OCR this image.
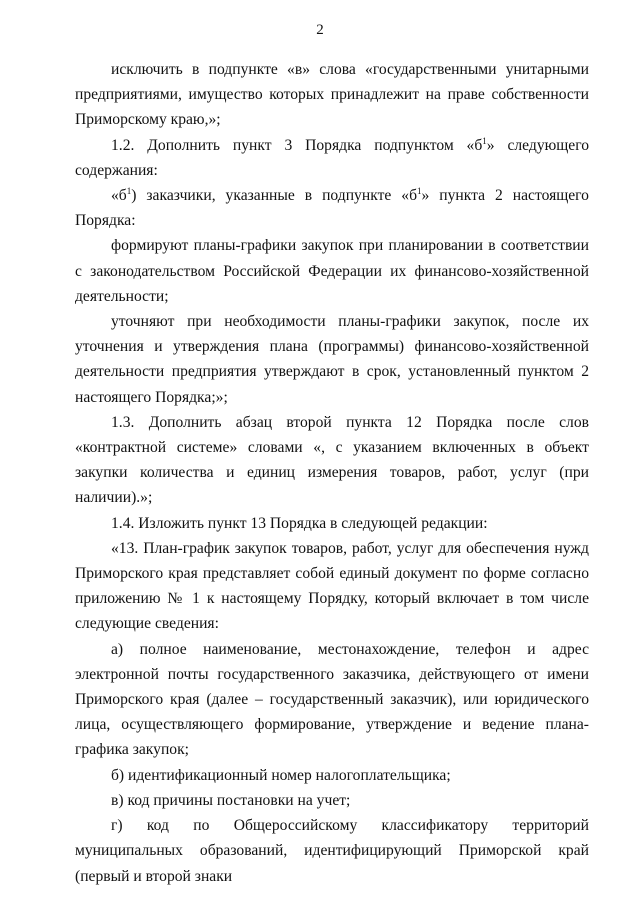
2

исключить в подпункте «в» слова «государственными унитарными предприятиями, имущество которых принадлежит на праве собственности Приморскому краю,»;

1.2. Дополнить пункт 3 Порядка подпунктом «$б^1$» следующего содержания:

«$б^1$) заказчики, указанные в подпункте «$б^1$» пункта 2 настоящего Порядка:

формируют планы-графики закупок при планировании в соответствии с законодательством Российской Федерации их финансово-хозяйственной деятельности;

уточняют при необходимости планы-графики закупок, после их уточнения и утверждения плана (программы) финансово-хозяйственной деятельности предприятия утверждают в срок, установленный пунктом 2 настоящего Порядка;»;

1.3. Дополнить абзац второй пункта 12 Порядка после слов «контрактной системе» словами «, с указанием включенных в объект закупки количества и единиц измерения товаров, работ, услуг (при наличии).»;

1.4. Изложить пункт 13 Порядка в следующей редакции:

«13. План-график закупок товаров, работ, услуг для обеспечения нужд Приморского края представляет собой единый документ по форме согласно приложению № 1 к настоящему Порядку, который включает в том числе следующие сведения:

а) полное наименование, местонахождение, телефон и адрес электронной почты государственного заказчика, действующего от имени Приморского края (далее – государственный заказчик), или юридического лица, осуществляющего формирование, утверждение и ведение плана-графика закупок;

б) идентификационный номер налогоплательщика;

в) код причины постановки на учет;

г) код по Общероссийскому классификатору территорий муниципальных образований, идентифицирующий Приморской край (первый и второй знаки
